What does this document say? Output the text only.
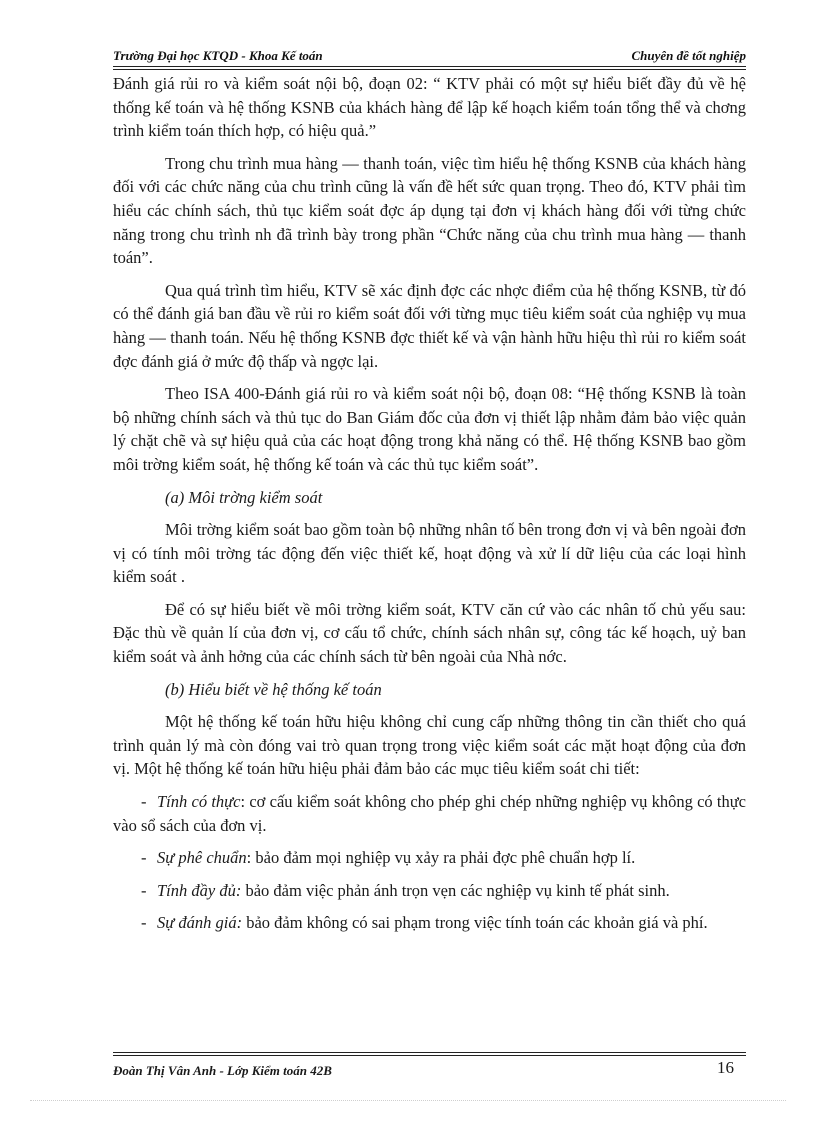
Trường Đại học KTQD - Khoa Kế toán	Chuyên đề tốt nghiệp

Đánh giá rủi ro và kiểm soát nội bộ, đoạn 02: “ KTV phải có một sự hiểu biết đầy đủ về hệ thống kế toán và hệ thống KSNB của khách hàng để lập kế hoạch kiểm toán tổng thể và chơng trình kiểm toán thích hợp, có hiệu quả.”

Trong chu trình mua hàng — thanh toán, việc tìm hiểu hệ thống KSNB của khách hàng đối với các chức năng của chu trình cũng là vấn đề hết sức quan trọng. Theo đó, KTV phải tìm hiểu các chính sách, thủ tục kiểm soát đợc áp dụng tại đơn vị khách hàng đối với từng chức năng trong chu trình nh đã trình bày trong phần “Chức năng của chu trình mua hàng — thanh toán”.

Qua quá trình tìm hiểu, KTV sẽ xác định đợc các nhợc điểm của hệ thống KSNB, từ đó có thể đánh giá ban đầu về rủi ro kiểm soát đối với từng mục tiêu kiểm soát của nghiệp vụ mua hàng — thanh toán. Nếu hệ thống KSNB đợc thiết kế và vận hành hữu hiệu thì rủi ro kiểm soát đợc đánh giá ở mức độ thấp và ngợc lại.

Theo ISA 400-Đánh giá rủi ro và kiểm soát nội bộ, đoạn 08: “Hệ thống KSNB là toàn bộ những chính sách và thủ tục do Ban Giám đốc của đơn vị thiết lập nhằm đảm bảo việc quản lý chặt chẽ và sự hiệu quả của các hoạt động trong khả năng có thể. Hệ thống KSNB bao gồm môi trờng kiểm soát, hệ thống kế toán và các thủ tục kiểm soát”.

(a) Môi trờng kiểm soát

Môi trờng kiểm soát bao gồm toàn bộ những nhân tố bên trong đơn vị và bên ngoài đơn vị có tính môi trờng tác động đến việc thiết kế, hoạt động và xử lí dữ liệu của các loại hình kiểm soát .

Để có sự hiểu biết về môi trờng kiểm soát, KTV căn cứ vào các nhân tố chủ yếu sau: Đặc thù về quản lí của đơn vị, cơ cấu tổ chức, chính sách nhân sự, công tác kế hoạch, uỷ ban kiểm soát và ảnh hởng của các chính sách từ bên ngoài của Nhà nớc.

(b) Hiểu biết về hệ thống kế toán

Một hệ thống kế toán hữu hiệu không chỉ cung cấp những thông tin cần thiết cho quá trình quản lý mà còn đóng vai trò quan trọng trong việc kiểm soát các mặt hoạt động của đơn vị. Một hệ thống kế toán hữu hiệu phải đảm bảo các mục tiêu kiểm soát chi tiết:

- Tính có thực: cơ cấu kiểm soát không cho phép ghi chép những nghiệp vụ không có thực vào sổ sách của đơn vị.

- Sự phê chuẩn: bảo đảm mọi nghiệp vụ xảy ra phải đợc phê chuẩn hợp lí.

- Tính đầy đủ: bảo đảm việc phản ánh trọn vẹn các nghiệp vụ kinh tế phát sinh.

- Sự đánh giá: bảo đảm không có sai phạm trong việc tính toán các khoản giá và phí.

Đoàn Thị Vân Anh - Lớp Kiểm toán 42B	16
